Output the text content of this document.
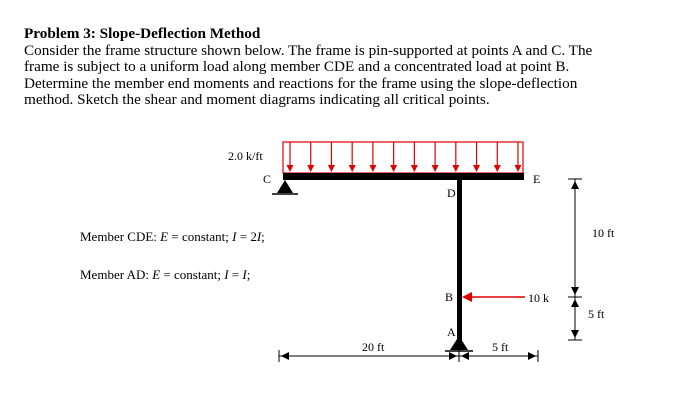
Problem 3: Slope-Deflection Method

Consider the frame structure shown below. The frame is pin-supported at points A and C. The

frame is subject to a uniform load along member CDE and a concentrated load at point B.

Determine the member end moments and reactions for the frame using the slope-deflection

method. Sketch the shear and moment diagrams indicating all critical points.

2.0 k/ft
C
D
E
B
A
10 k
10 ft
5 ft
20 ft	5 ft
Member CDE: E = constant; I = 2I;
Member AD: E = constant; I = I;
